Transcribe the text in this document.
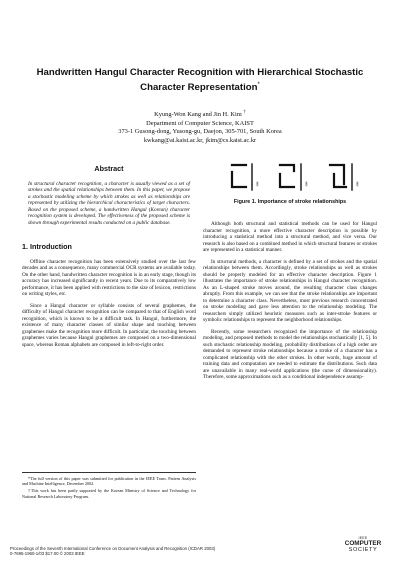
Handwritten Hangul Character Recognition with Hierarchical Stochastic Character Representation*
Kyung-Won Kang and Jin H. Kim †
Department of Computer Science, KAIST
373-1 Gusong-dong, Yusong-gu, Daejon, 305-701, South Korea
kwkang@ai.kaist.ac.kr, jkim@cs.kaist.ac.kr
Abstract
In structural character recognition, a character is usually viewed as a set of strokes and the spatial relationships between them. In this paper, we propose a stochastic modeling scheme by which strokes as well as relationships are represented by utilizing the hierarchical characteristics of target characters. Based on the proposed scheme, a handwritten Hangul (Korean) character recognition system is developed. The effectiveness of the proposed scheme is shown through experimental results conducted on a public database.
1. Introduction

Offline character recognition has been extensively studied over the last few decades and as a consequence, many commercial OCR systems are available today. On the other hand, handwritten character recognition is in an early stage, though its accuracy has increased significantly in recent years. Due to its comparatively low performance, it has been applied with restrictions to the size of lexicon, restrictions on writing styles, etc.

Since a Hangul character or syllable consists of several graphemes, the difficulty of Hangul character recognition can be compared to that of English word recognition, which is known to be a difficult task. In Hangul, furthermore, the existence of many character classes of similar shape and touching between graphemes make the recognition more difficult. In particular, the touching between graphemes varies because Hangul graphemes are composed on a two-dimensional space, whereas Roman alphabets are composed in left-to-right order.

*The full version of this paper was submitted for publication in the IEEE Trans. Pattern Analysis and Machine Intelligence, December 2002.
†This work has been partly supported by the Korean Ministry of Science and Technology for National Research Laboratory Program.
ㅐ	ㅐ	ㅐ
Figure 1. Importance of stroke relationships

Although both structural and statistical methods can be used for Hangul character recognition, a more effective character description is possible by introducing a statistical method into a structural method, and vice versa. Our research is also based on a combined method in which structural features or strokes are represented in a statistical manner.

In structural methods, a character is defined by a set of strokes and the spatial relationships between them. Accordingly, stroke relationships as well as strokes should be properly modeled for an effective character description. Figure 1 illustrates the importance of stroke relationships in Hangul character recognition. As an L-shaped stroke moves around, the resulting character class changes abruptly. From this example, we can see that the stroke relationships are important to determine a character class. Nevertheless, most previous research concentrated on stroke modeling and gave less attention to the relationship modeling. The researchers simply utilized heuristic measures such as inter-stroke features or symbolic relationships to represent the neighborhood relationships.

Recently, some researchers recognized the importance of the relationship modeling, and proposed methods to model the relationships stochastically [1, 5]. In such stochastic relationship modeling, probability distributions of a high order are demanded to represent stroke relationships because a stroke of a character has a complicated relationship with the other strokes. In other words, huge amount of training data and computation are needed to estimate the distributions. Such data are unavailable in many real-world applications (the curse of dimensionality). Therefore, some approximations such as a conditional independence assump-

Proceedings of the Seventh International Conference on Document Analysis and Recognition (ICDAR 2003)
0-7695-1960-1/03 $17.00 © 2003 IEEE
IEEE
COMPUTER
SOCIETY
